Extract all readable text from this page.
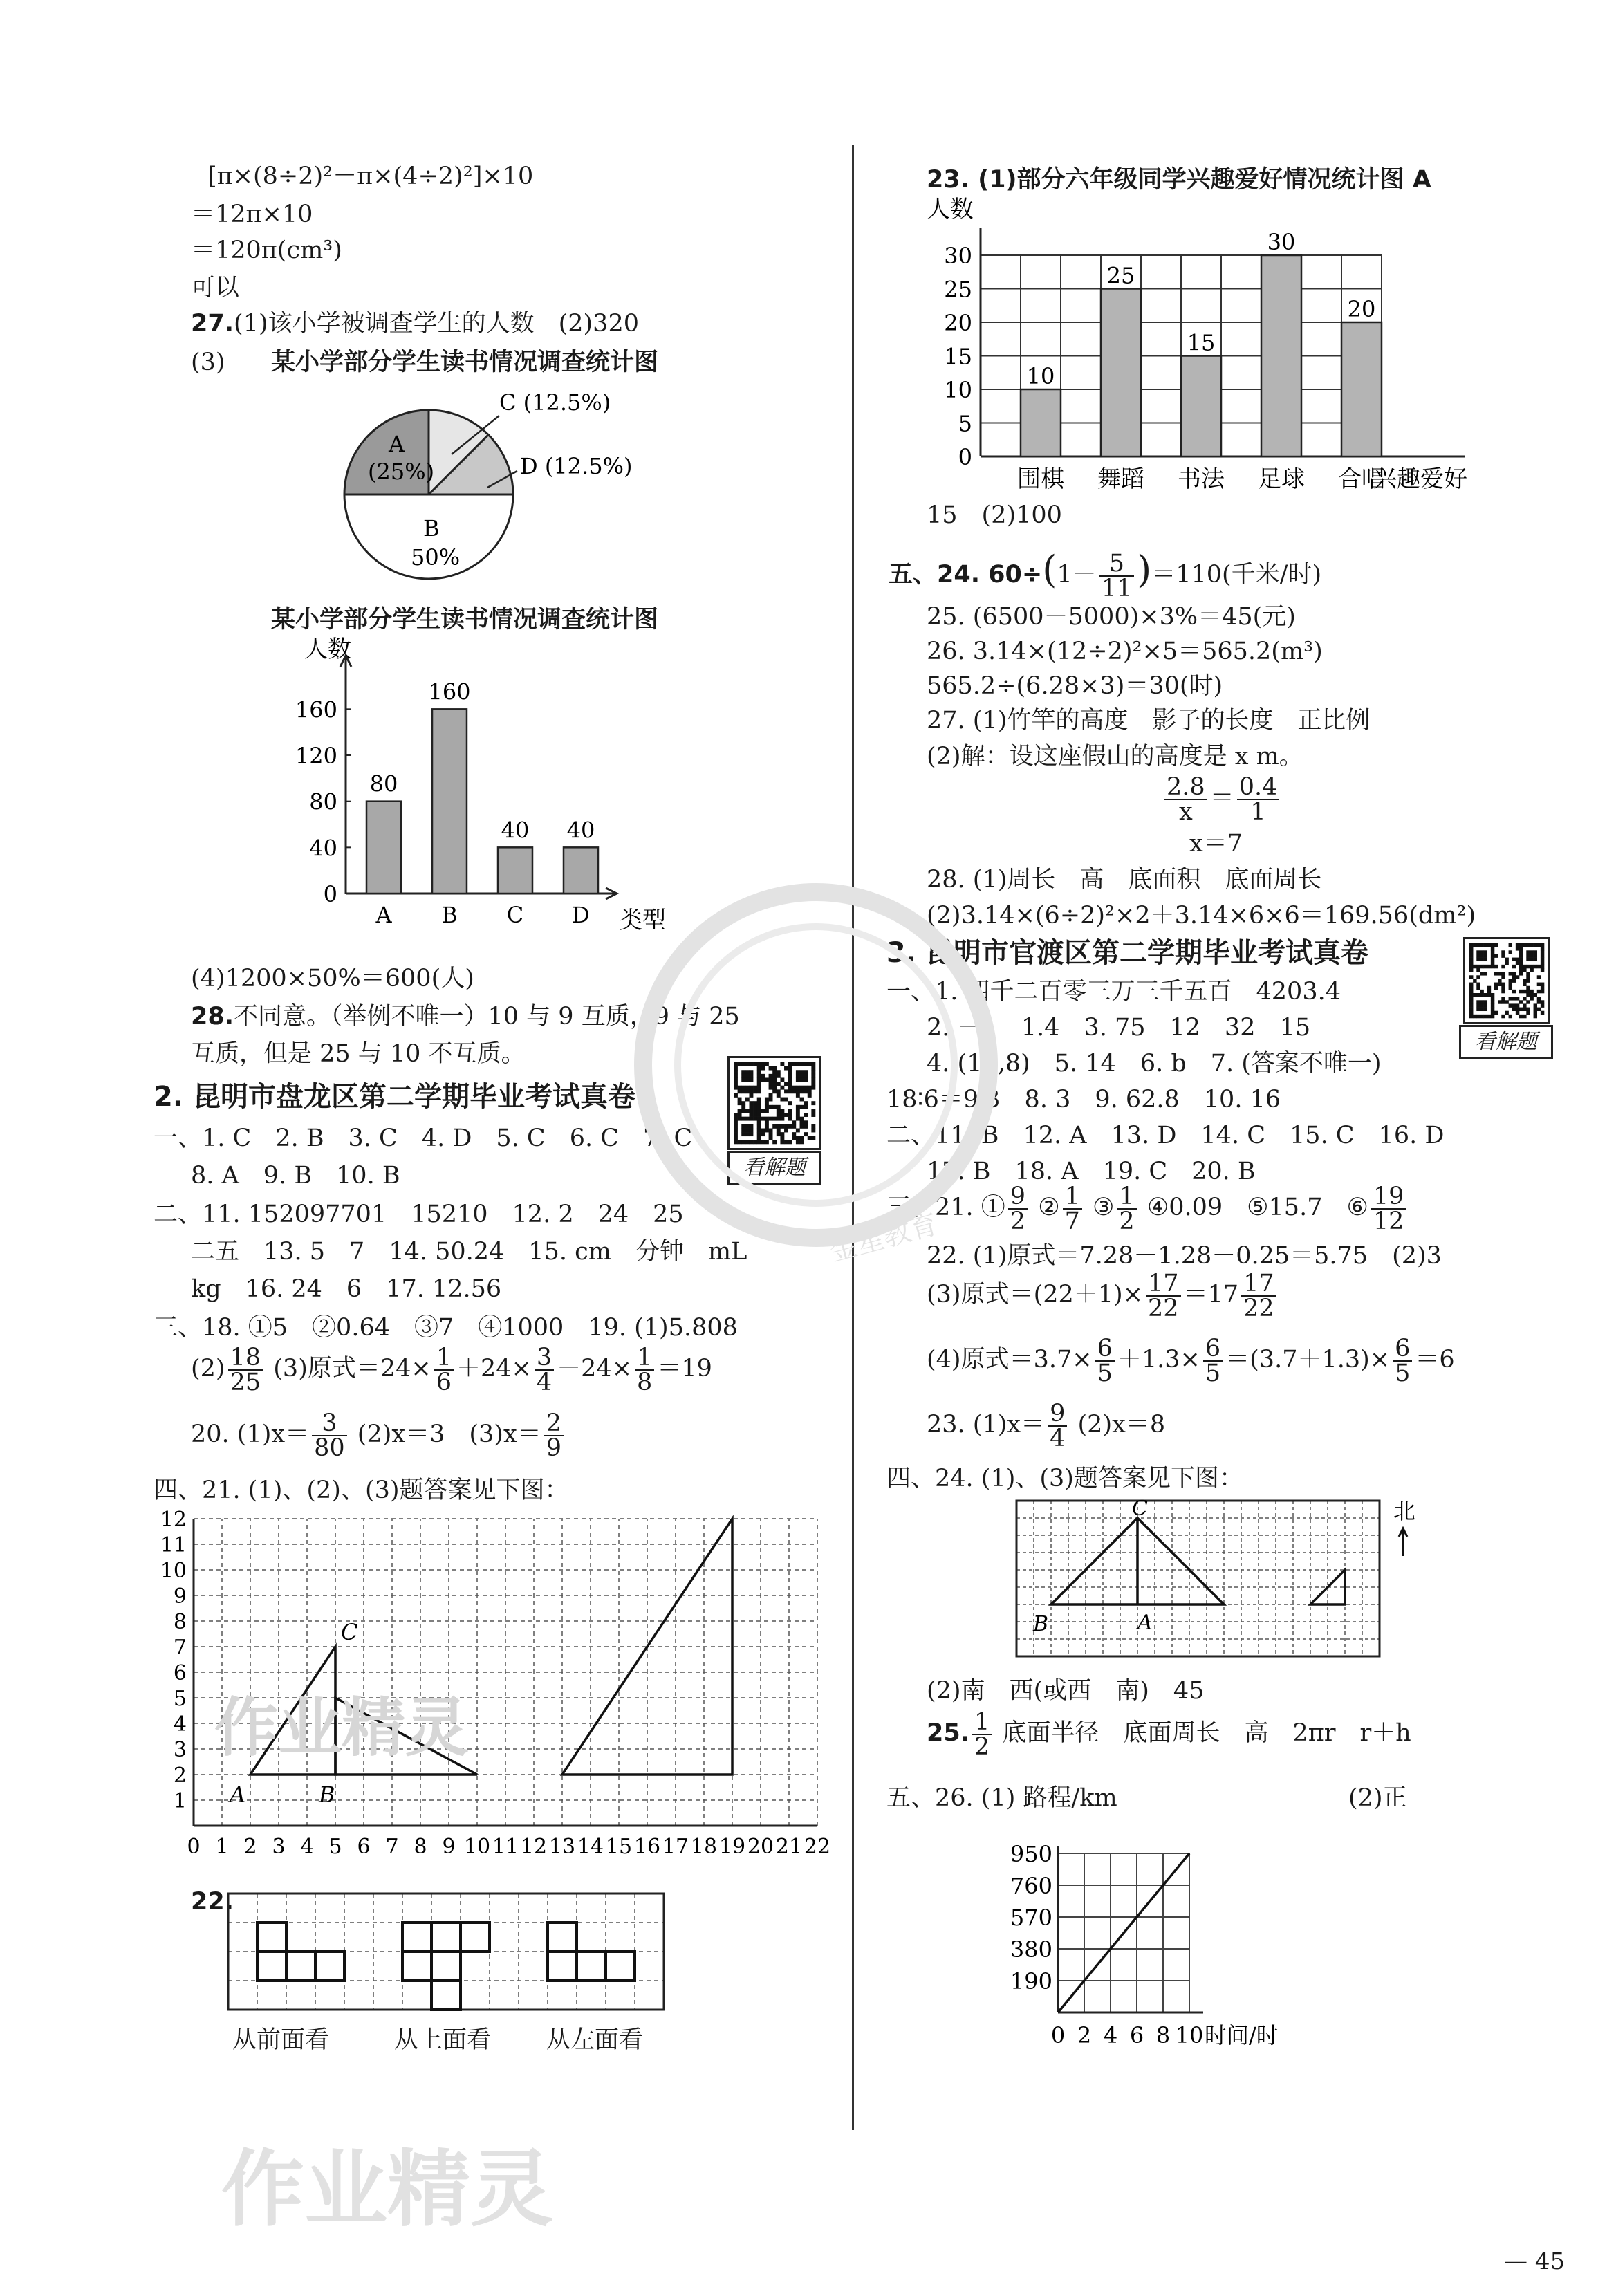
[π×(8÷2)²－π×(4÷2)²]×10
＝12π×10
＝120π(cm³)
可以
27.(1)该小学被调查学生的人数　(2)320
(3) 某小学部分学生读书情况调查统计图
C (12.5%)
D (12.5%)
A
(25%)
B
50%
某小学部分学生读书情况调查统计图
人数
0
40
80
120
160
80
A
160
B
40
C
40
D 类型
(4)1200×50%＝600(人)
28.不同意。（举例不唯一）10 与 9 互质，9 与 25
互质，但是 25 与 10 不互质。
2. 昆明市盘龙区第二学期毕业考试真卷
看解题
一、1. C　2. B　3. C　4. D　5. C　6. C　7. C
8. A　9. B　10. B
二、11. 152097701　15210　12. 2　24　25
二五　13. 5　7　14. 50.24　15. cm　分钟　mL
kg　16. 24　6　17. 12.56
三、18. ①5　②0.64　③7　④1000　19. (1)5.808
$(2) \frac{18}{25} (3)$原式$=24\times \frac{1}{6} +24\times \frac{3}{4} -24\times \frac{1}{8} =19$
20. $(1)x= \frac{3}{80} (2)x=3$　$(3)x= \frac{2}{9}$
四、21. (1)、(2)、(3)题答案见下图：
0 1 2 3 4 5 6 7 8 9 10 11 12 13 14 15 16 17 18 19 20 21 22
1
2
3
4
5
6
7
8
9
10
11
12
A	B
C
22.
从前面看	从上面看 从左面看
23. (1)部分六年级同学兴趣爱好情况统计图 A
人数
0
5
10
15
20
25
30
10
围棋
25
舞蹈
15
书法
30
足球
20
合唱
兴趣爱好
15　(2)100
五、24. $60\div(1- \frac{5}{11} )=110$(千米/时)
25. (6500－5000)×3%＝45(元)
26. 3.14×(12÷2)²×5＝565.2(m³)
565.2÷(6.28×3)＝30(时)
27. (1)竹竿的高度　影子的长度　正比例
(2)解：设这座假山的高度是 x m。
$\frac{2.8}{x} = \frac{0.4}{1}$
x＝7
28. (1)周长　高　底面积　底面周长
(2)3.14×(6÷2)²×2＋3.14×6×6＝169.56(dm²)
3. 昆明市官渡区第二学期毕业考试真卷
看解题
一、1. 四千二百零三万三千五百　4203.4
2. －1　1.4　3. 75　12　32　15
4. (11,8)　5. 14　6. b　7. (答案不唯一)
18∶6＝9∶3　8. 3　9. 62.8　10. 16
二、11. B　12. A　13. D　14. C　15. C　16. D
17. B　18. A　19. C　20. B
三、21. ① $\frac{9}{2}$ ② $\frac{1}{7}$ ③ $\frac{1}{2}$ ④0.09　⑤15.7　⑥ $\frac{19}{12}$
22. (1)原式＝7.28－1.28－0.25＝5.75　(2)3
(3)原式$=(22+1)\times \frac{17}{22} =17 \frac{17}{22}$
(4)原式$=3.7\times \frac{6}{5} +1.3\times \frac{6}{5} =(3.7+1.3)\times \frac{6}{5} =6$
23. $(1)x= \frac{9}{4} (2)x=8$
四、24. (1)、(3)题答案见下图：
C
B	A
北
(2)南　西(或西　南)　45
25. $\frac{1}{2}$ 底面半径　底面周长　高　2πr　r＋h
五、26. (1) 路程/km	(2)正
190
380
570
760
950
0 2 4 6 8 10 时间/时
— 45
作业精灵
作业精灵
金星教育
